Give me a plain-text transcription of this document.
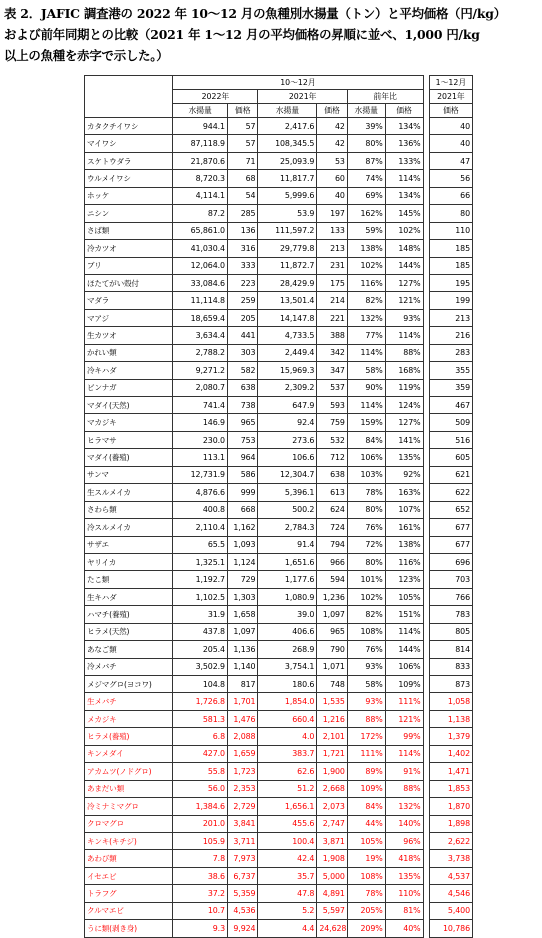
表 2．JAFIC 調査港の 2022 年 10～12 月の魚種別水揚量（トン）と平均価格（円/kg）
および前年同期との比較（2021 年 1～12 月の平均価格の昇順に並べ、1,000 円/kg
以上の魚種を赤字で示した。）
	10～12月							1～12月
	2022年		2021年		前年比			2021年
	水揚量	価格	水揚量	価格	水揚量	価格		価格
カタクチイワシ	944.1	57	2,417.6	42	39%	134%		40
マイワシ	87,118.9	57	108,345.5	42	80%	136%		40
スケトウダラ	21,870.6	71	25,093.9	53	87%	133%		47
ウルメイワシ	8,720.3	68	11,817.7	60	74%	114%		56
ホッケ	4,114.1	54	5,999.6	40	69%	134%		66
ニシン	87.2	285	53.9	197	162%	145%		80
さば類	65,861.0	136	111,597.2	133	59%	102%		110
冷カツオ	41,030.4	316	29,779.8	213	138%	148%		185
ブリ	12,064.0	333	11,872.7	231	102%	144%		185
ほたてがい殻付	33,084.6	223	28,429.9	175	116%	127%		195
マダラ	11,114.8	259	13,501.4	214	82%	121%		199
マアジ	18,659.4	205	14,147.8	221	132%	93%		213
生カツオ	3,634.4	441	4,733.5	388	77%	114%		216
かれい類	2,788.2	303	2,449.4	342	114%	88%		283
冷キハダ	9,271.2	582	15,969.3	347	58%	168%		355
ビンナガ	2,080.7	638	2,309.2	537	90%	119%		359
マダイ(天然)	741.4	738	647.9	593	114%	124%		467
マカジキ	146.9	965	92.4	759	159%	127%		509
ヒラマサ	230.0	753	273.6	532	84%	141%		516
マダイ(養殖)	113.1	964	106.6	712	106%	135%		605
サンマ	12,731.9	586	12,304.7	638	103%	92%		621
生スルメイカ	4,876.6	999	5,396.1	613	78%	163%		622
さわら類	400.8	668	500.2	624	80%	107%		652
冷スルメイカ	2,110.4	1,162	2,784.3	724	76%	161%		677
サザエ	65.5	1,093	91.4	794	72%	138%		677
ヤリイカ	1,325.1	1,124	1,651.6	966	80%	116%		696
たこ類	1,192.7	729	1,177.6	594	101%	123%		703
生キハダ	1,102.5	1,303	1,080.9	1,236	102%	105%		766
ハマチ(養殖)	31.9	1,658	39.0	1,097	82%	151%		783
ヒラメ(天然)	437.8	1,097	406.6	965	108%	114%		805
あなご類	205.4	1,136	268.9	790	76%	144%		814
冷メバチ	3,502.9	1,140	3,754.1	1,071	93%	106%		833
メジマグロ(ヨコワ)	104.8	817	180.6	748	58%	109%		873
生メバチ	1,726.8	1,701	1,854.0	1,535	93%	111%		1,058
メカジキ	581.3	1,476	660.4	1,216	88%	121%		1,138
ヒラメ(養殖)	6.8	2,088	4.0	2,101	172%	99%		1,379
キンメダイ	427.0	1,659	383.7	1,721	111%	114%		1,402
アカムツ(ノドグロ)	55.8	1,723	62.6	1,900	89%	91%		1,471
あまだい類	56.0	2,353	51.2	2,668	109%	88%		1,853
冷ミナミマグロ	1,384.6	2,729	1,656.1	2,073	84%	132%		1,870
クロマグロ	201.0	3,841	455.6	2,747	44%	140%		1,898
キンキ(キチジ)	105.9	3,711	100.4	3,871	105%	96%		2,622
あわび類	7.8	7,973	42.4	1,908	19%	418%		3,738
イセエビ	38.6	6,737	35.7	5,000	108%	135%		4,537
トラフグ	37.2	5,359	47.8	4,891	78%	110%		4,546
クルマエビ	10.7	4,536	5.2	5,597	205%	81%		5,400
うに類(剥き身)	9.3	9,924	4.4	24,628	209%	40%		10,786
